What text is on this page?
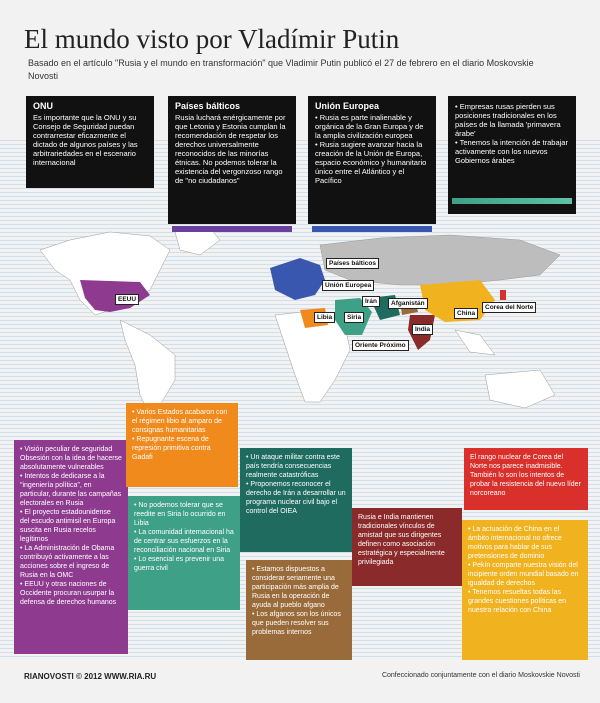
El mundo visto por Vladímir Putin
Basado en el artículo "Rusia y el mundo en transformación" que Vladimir Putin publicó el 27 de febrero en el diario Moskovskie Novosti
ONU
Es importante que la ONU y su Consejo de Seguridad puedan contrarrestar eficazmente el dictado de algunos países y las arbitrariedades en el escenario internacional
Países bálticos
Rusia luchará enérgicamente por que Letonia y Estonia cumplan la recomendación de respetar los derechos universalmente reconocidos de las minorías étnicas. No podemos tolerar la existencia del vergonzoso rango de "no ciudadanos"
Unión Europea
• Rusia es parte inalienable y orgánica de la Gran Europa y de la amplia civilización europea
• Rusia sugiere avanzar hacia la creación de la Unión de Europa, espacio económico y humanitario único entre el Atlántico y el Pacífico
• Empresas rusas pierden sus posiciones tradicionales en los países de la llamada 'primavera árabe'
• Tenemos la intención de trabajar activamente con los nuevos Gobiernos árabes
EEUU
Países bálticos
Unión Europea
Irán	Afganistán
Libia	Siria
China
Corea del Norte
India
Oriente Próximo
• Visión peculiar de seguridad Obsesión con la idea de hacerse absolutamente vulnerables
• Intentos de dedicarse a la "ingeniería política", en particular, durante las campañas electorales en Rusia
• El proyecto estadounidense del escudo antimisil en Europa suscita en Rusia recelos legítimos
• La Administración de Obama contribuyó activamente a las acciones sobre el ingreso de Rusia en la OMC
• EEUU y otras naciones de Occidente procuran usurpar la defensa de derechos humanos
• Varios Estados acabaron con el régimen libio al amparo de consignas humanitarias
• Repugnante escena de represión primitiva contra Gadafi
• No podemos tolerar que se reedite en Siria lo ocurrido en Libia
• La comunidad internacional ha de centrar sus esfuerzos en la reconciliación nacional en Siria
• Lo esencial es prevenir una guerra civil
• Un ataque militar contra este país tendría consecuencias realmente catastróficas
• Proponemos reconocer el derecho de Irán a desarrollar un programa nuclear civil bajo el control del OIEA
• Estamos dispuestos a considerar seriamente una participación más amplia de Rusia en la operación de ayuda al pueblo afgano
• Los afganos son los únicos que pueden resolver sus problemas internos
Rusia e India mantienen tradicionales vínculos de amistad que sus dirigentes definen como asociación estratégica y especialmente privilegiada
El rango nuclear de Corea del Norte nos parece inadmisible. También lo son los intentos de probar la resistencia del nuevo líder norcoreano
• La actuación de China en el ámbito internacional no ofrece motivos para hablar de sus pretensiones de dominio
• Pekín comparte nuestra visión del incipiente orden mundial basado en igualdad de derechos
• Tenemos resueltas todas las grandes cuestiones políticas en nuestra relación con China
RIANOVOSTI © 2012 WWW.RIA.RU	Confeccionado conjuntamente con el diario Moskovskie Novosti
